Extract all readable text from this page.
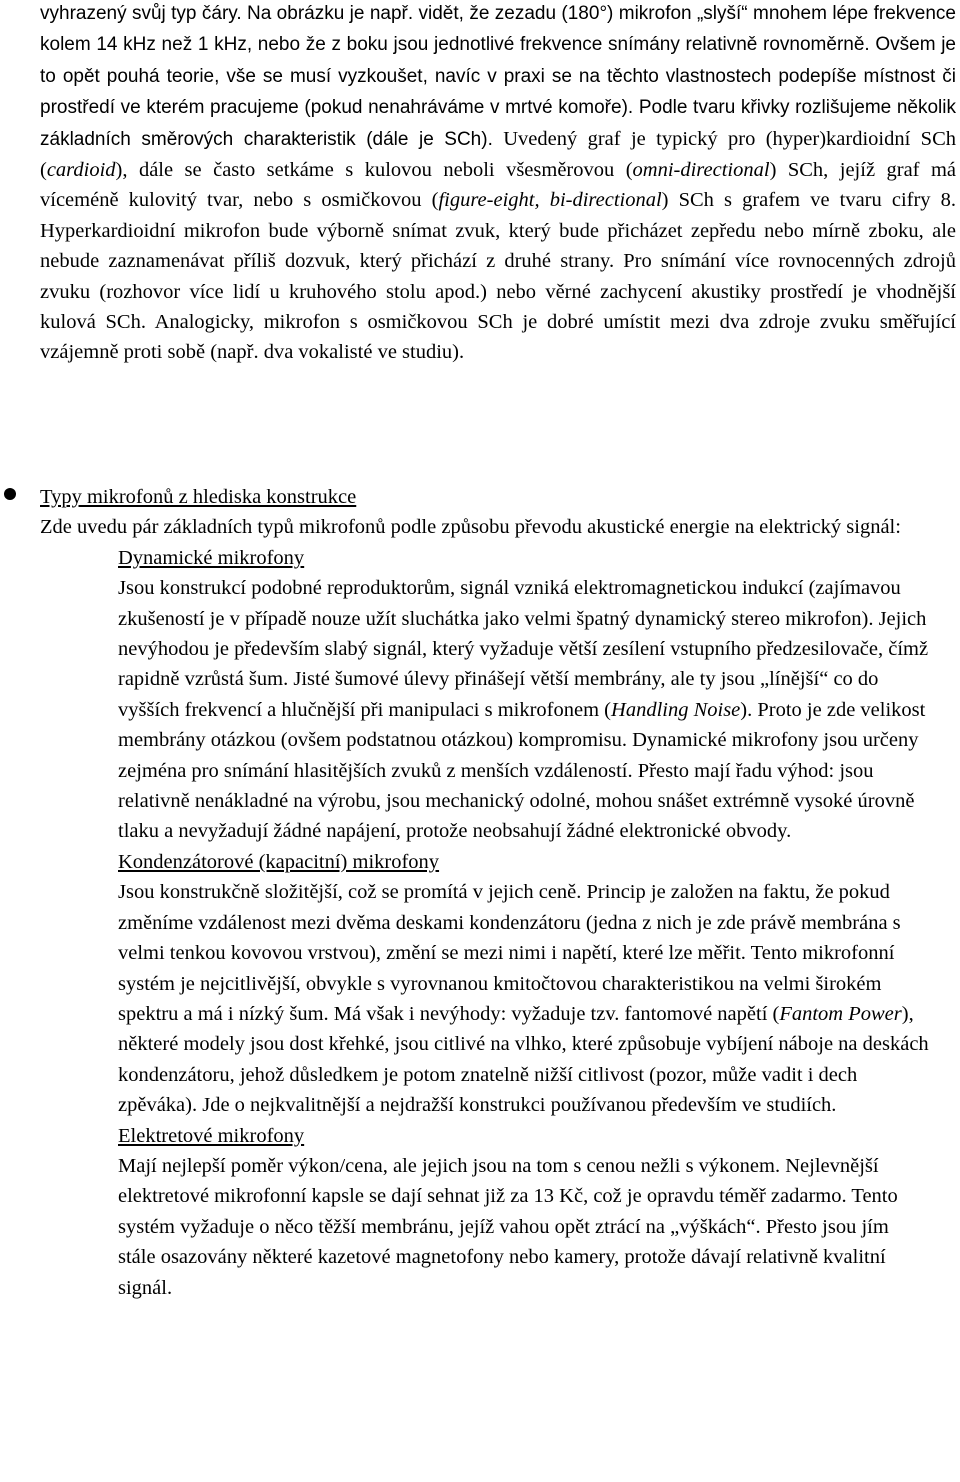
vyhrazený svůj typ čáry. Na obrázku je např. vidět, že zezadu (180°) mikrofon „slyší“ mnohem lépe frekvence kolem 14 kHz než 1 kHz, nebo že z boku jsou jednotlivé frekvence snímány relativně rovnoměrně. Ovšem je to opět pouhá teorie, vše se musí vyzkoušet, navíc v praxi se na těchto vlastnostech podepíše místnost či prostředí ve kterém pracujeme (pokud nenahráváme v mrtvé komoře). Podle tvaru křivky rozlišujeme několik základních směrových charakteristik (dále je SCh). Uvedený graf je typický pro (hyper)kardioidní SCh (cardioid), dále se často setkáme s kulovou neboli všesměrovou (omni-directional) SCh, jejíž graf má víceméně kulovitý tvar, nebo s osmičkovou (figure-eight, bi-directional) SCh s grafem ve tvaru cifry 8. Hyperkardioidní mikrofon bude výborně snímat zvuk, který bude přicházet zepředu nebo mírně zboku, ale nebude zaznamenávat příliš dozvuk, který přichází z druhé strany. Pro snímání více rovnocenných zdrojů zvuku (rozhovor více lidí u kruhového stolu apod.) nebo věrné zachycení akustiky prostředí je vhodnější kulová SCh. Analogicky, mikrofon s osmičkovou SCh je dobré umístit mezi dva zdroje zvuku směřující vzájemně proti sobě (např. dva vokalisté ve studiu).
Typy mikrofonů z hlediska konstrukce
Zde uvedu pár základních typů mikrofonů podle způsobu převodu akustické energie na elektrický signál:
Dynamické mikrofony
Jsou konstrukcí podobné reproduktorům, signál vzniká elektromagnetickou indukcí (zajímavou zkušeností je v případě nouze užít sluchátka jako velmi špatný dynamický stereo mikrofon). Jejich nevýhodou je především slabý signál, který vyžaduje větší zesílení vstupního předzesilovače, čímž rapidně vzrůstá šum. Jisté šumové úlevy přinášejí větší membrány, ale ty jsou „línější“ co do vyšších frekvencí a hlučnější při manipulaci s mikrofonem (Handling Noise). Proto je zde velikost membrány otázkou (ovšem podstatnou otázkou) kompromisu. Dynamické mikrofony jsou určeny zejména pro snímání hlasitějších zvuků z menších vzdáleností. Přesto mají řadu výhod: jsou relativně nenákladné na výrobu, jsou mechanický odolné, mohou snášet extrémně vysoké úrovně tlaku a nevyžadují žádné napájení, protože neobsahují žádné elektronické obvody.
Kondenzátorové (kapacitní) mikrofony
Jsou konstrukčně složitější, což se promítá v jejich ceně. Princip je založen na faktu, že pokud změníme vzdálenost mezi dvěma deskami kondenzátoru (jedna z nich je zde právě membrána s velmi tenkou kovovou vrstvou), změní se mezi nimi i napětí, které lze měřit. Tento mikrofonní systém je nejcitlivější, obvykle s vyrovnanou kmitočtovou charakteristikou na velmi širokém spektru a má i nízký šum. Má však i nevýhody: vyžaduje tzv. fantomové napětí (Fantom Power), některé modely jsou dost křehké, jsou citlivé na vlhko, které způsobuje vybíjení náboje na deskách kondenzátoru, jehož důsledkem je potom znatelně nižší citlivost (pozor, může vadit i dech zpěváka). Jde o nejkvalitnější a nejdražší konstrukci používanou především ve studiích.
Elektretové mikrofony
Mají nejlepší poměr výkon/cena, ale jejich jsou na tom s cenou nežli s výkonem. Nejlevnější elektretové mikrofonní kapsle se dají sehnat již za 13 Kč, což je opravdu téměř zadarmo. Tento systém vyžaduje o něco těžší membránu, jejíž vahou opět ztrácí na „výškách“. Přesto jsou jím stále osazovány některé kazetové magnetofony nebo kamery, protože dávají relativně kvalitní signál.
